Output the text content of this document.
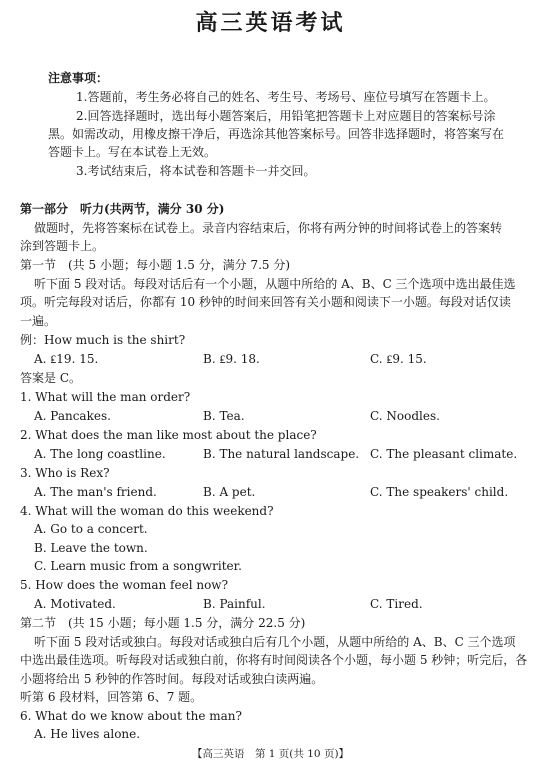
高三英语考试
注意事项：
1.答题前，考生务必将自己的姓名、考生号、考场号、座位号填写在答题卡上。
2.回答选择题时，选出每小题答案后，用铅笔把答题卡上对应题目的答案标号涂
黑。如需改动，用橡皮擦干净后，再选涂其他答案标号。回答非选择题时，将答案写在
答题卡上。写在本试卷上无效。
3.考试结束后，将本试卷和答题卡一并交回。
第一部分　听力(共两节，满分 30 分)
做题时，先将答案标在试卷上。录音内容结束后，你将有两分钟的时间将试卷上的答案转
涂到答题卡上。
第一节　(共 5 小题；每小题 1.5 分，满分 7.5 分)
听下面 5 段对话。每段对话后有一个小题，从题中所给的 A、B、C 三个选项中选出最佳选
项。听完每段对话后，你都有 10 秒钟的时间来回答有关小题和阅读下一小题。每段对话仅读
一遍。
例：How much is the shirt?
A. ₤19. 15.	B. ₤9. 18.	C. ₤9. 15.
答案是 C。
1. What will the man order?
A. Pancakes.	B. Tea.	C. Noodles.
2. What does the man like most about the place?
A. The long coastline.	B. The natural landscape. C. The pleasant climate.
3. Who is Rex?
A. The man's friend.	B. A pet.	C. The speakers' child.
4. What will the woman do this weekend?
A. Go to a concert.
B. Leave the town.
C. Learn music from a songwriter.
5. How does the woman feel now?
A. Motivated.	B. Painful.	C. Tired.
第二节　(共 15 小题；每小题 1.5 分，满分 22.5 分)
听下面 5 段对话或独白。每段对话或独白后有几个小题，从题中所给的 A、B、C 三个选项
中选出最佳选项。听每段对话或独白前，你将有时间阅读各个小题，每小题 5 秒钟；听完后，各
小题将给出 5 秒钟的作答时间。每段对话或独白读两遍。
听第 6 段材料，回答第 6、7 题。
6. What do we know about the man?
A. He lives alone.
【高三英语　第 1 页(共 10 页)】
